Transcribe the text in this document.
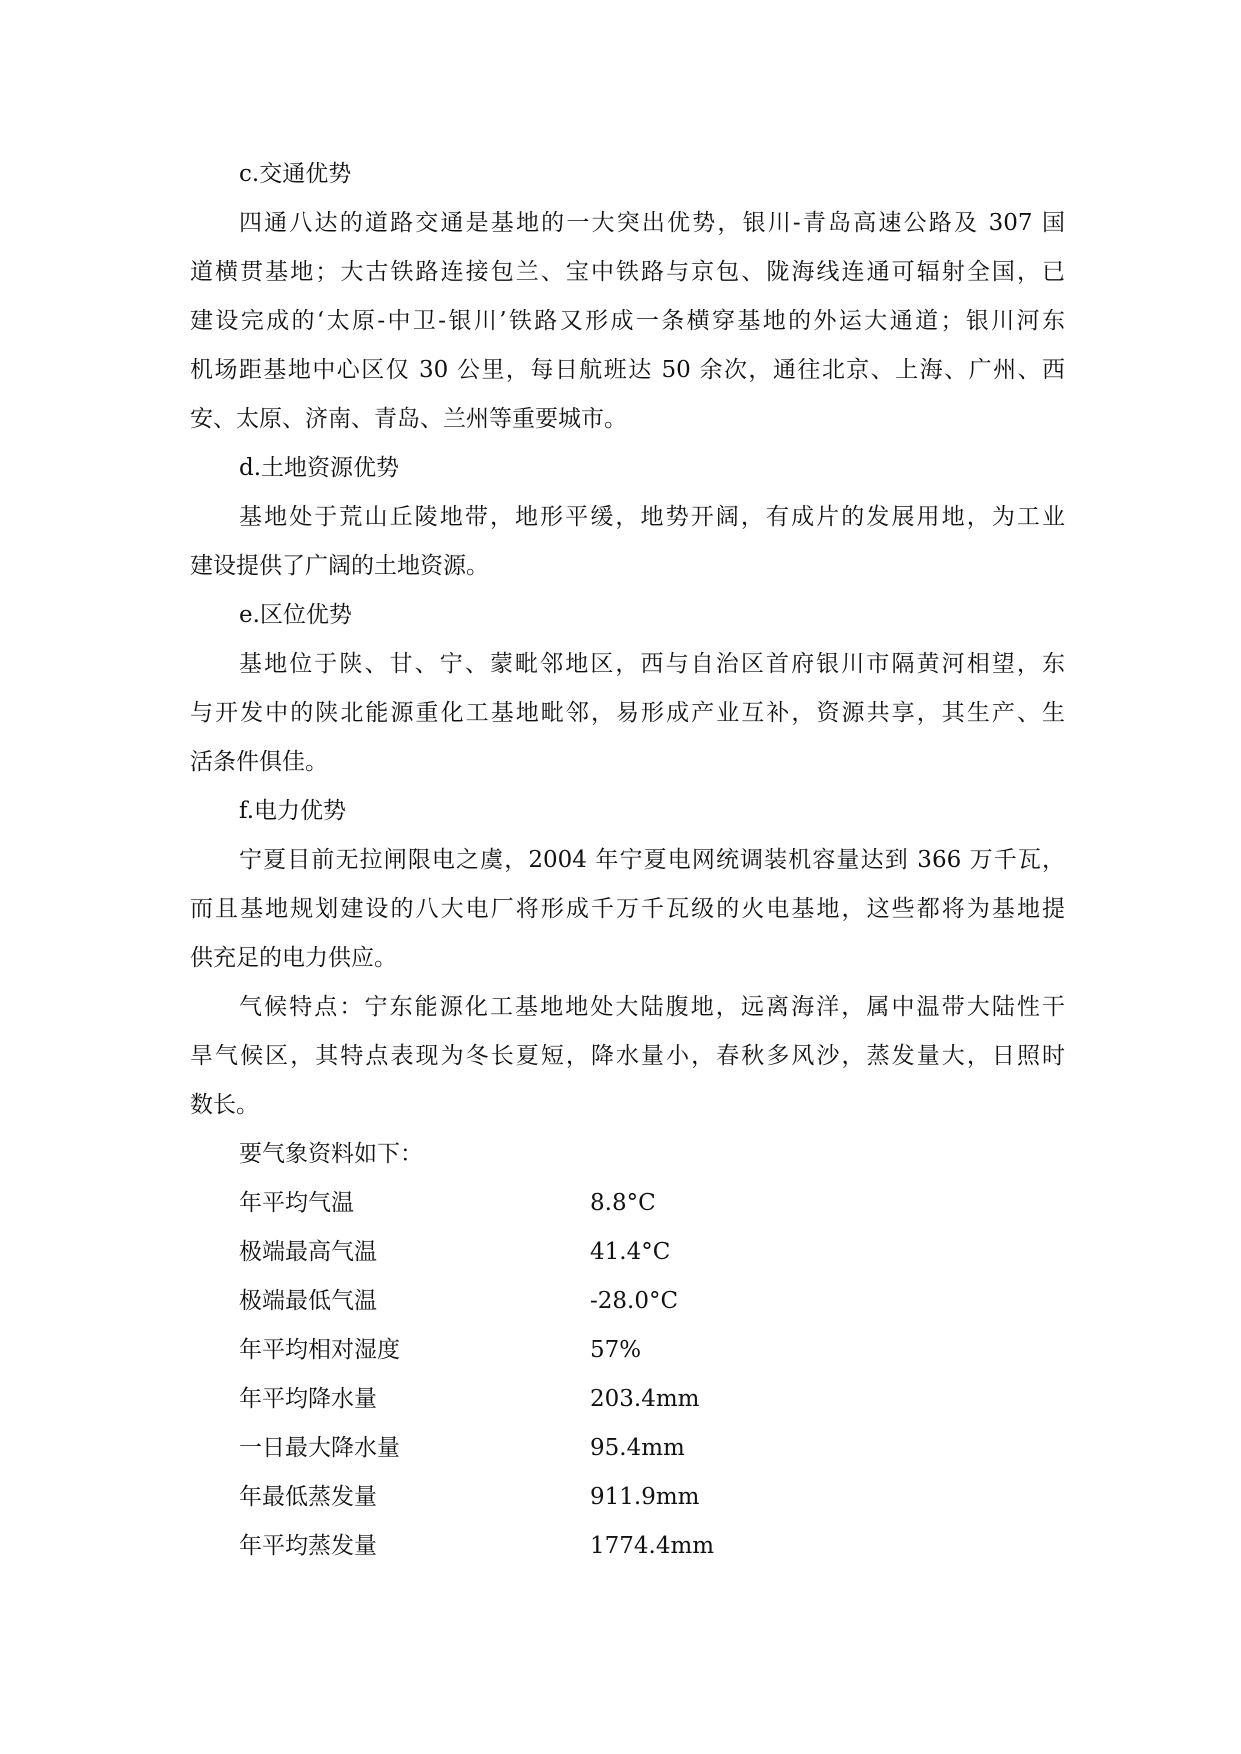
c.交通优势
四通八达的道路交通是基地的一大突出优势，银川-青岛高速公路及 307 国
道横贯基地；大古铁路连接包兰、宝中铁路与京包、陇海线连通可辐射全国，已
建设完成的‘太原-中卫-银川’铁路又形成一条横穿基地的外运大通道；银川河东
机场距基地中心区仅 30 公里，每日航班达 50 余次，通往北京、上海、广州、西
安、太原、济南、青岛、兰州等重要城市。
d.土地资源优势
基地处于荒山丘陵地带，地形平缓，地势开阔，有成片的发展用地，为工业
建设提供了广阔的土地资源。
e.区位优势
基地位于陕、甘、宁、蒙毗邻地区，西与自治区首府银川市隔黄河相望，东
与开发中的陕北能源重化工基地毗邻，易形成产业互补，资源共享，其生产、生
活条件俱佳。
f.电力优势
宁夏目前无拉闸限电之虞，2004 年宁夏电网统调装机容量达到 366 万千瓦，
而且基地规划建设的八大电厂将形成千万千瓦级的火电基地，这些都将为基地提
供充足的电力供应。
气候特点：宁东能源化工基地地处大陆腹地，远离海洋，属中温带大陆性干
旱气候区，其特点表现为冬长夏短，降水量小，春秋多风沙，蒸发量大，日照时
数长。
要气象资料如下：
年平均气温	8.8°C
极端最高气温	41.4°C
极端最低气温	-28.0°C
年平均相对湿度	57%
年平均降水量	203.4mm
一日最大降水量	95.4mm
年最低蒸发量	911.9mm
年平均蒸发量	1774.4mm
